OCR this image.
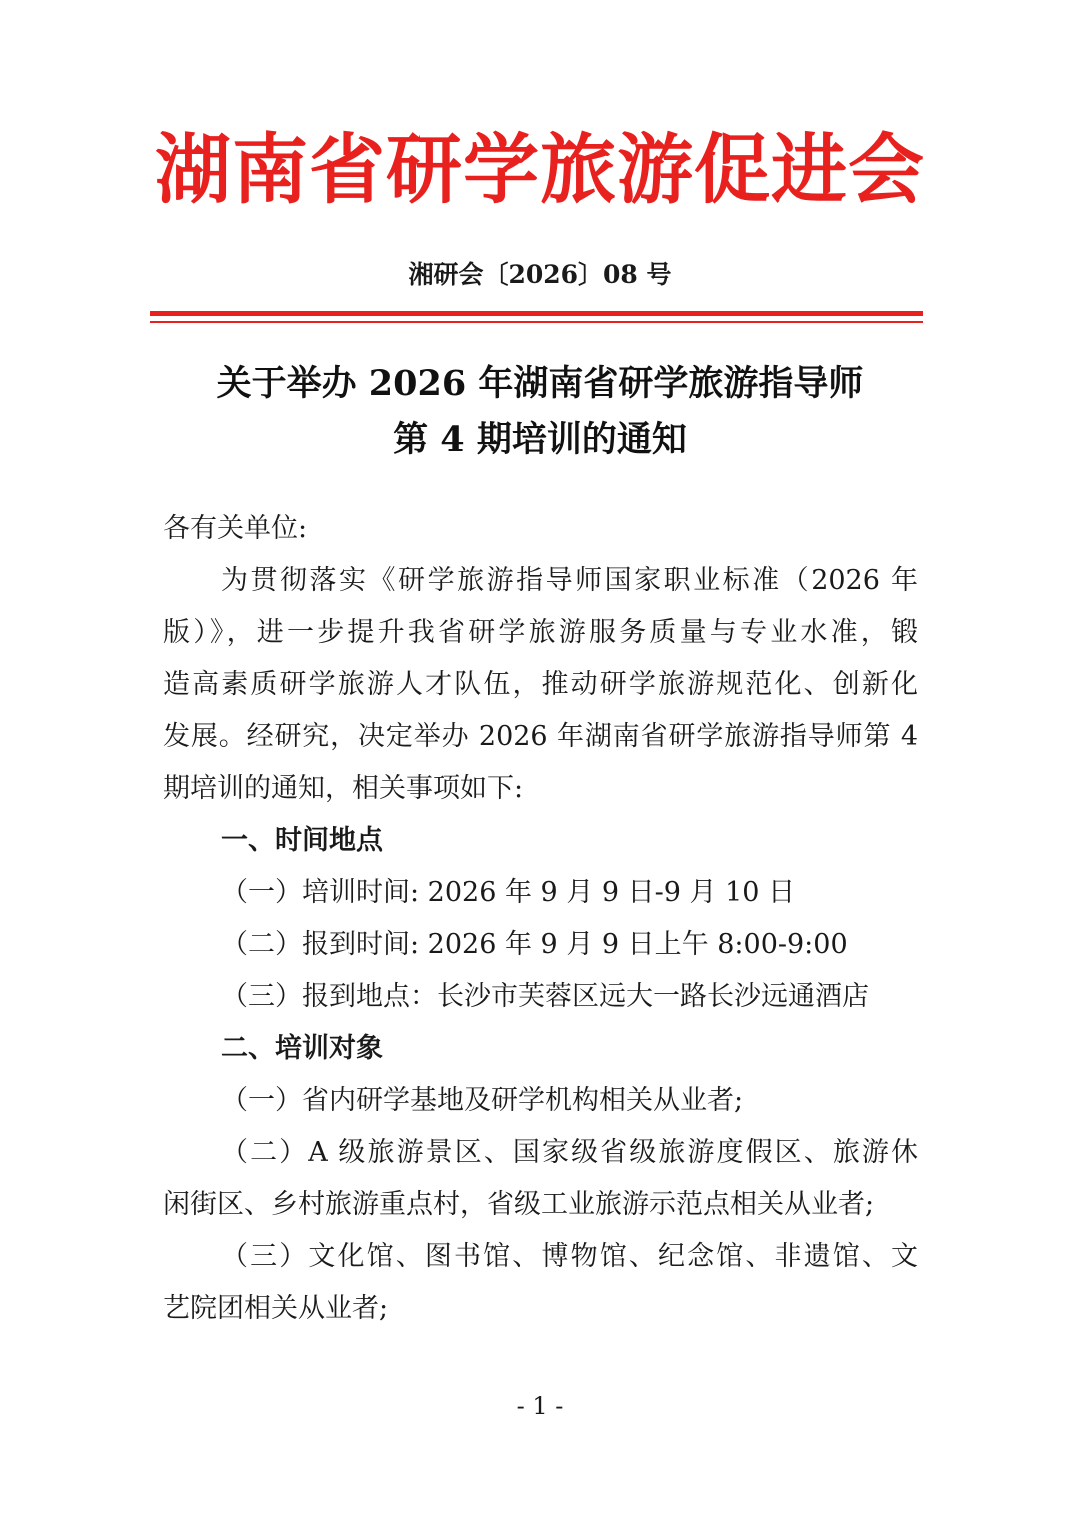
湖南省研学旅游促进会
湘研会〔2026〕08 号
关于举办 2026 年湖南省研学旅游指导师
第 4 期培训的通知
各有关单位:
为贯彻落实《研学旅游指导师国家职业标准（2026 年
版）》，进一步提升我省研学旅游服务质量与专业水准，锻
造高素质研学旅游人才队伍，推动研学旅游规范化、创新化
发展。经研究，决定举办 2026 年湖南省研学旅游指导师第 4
期培训的通知，相关事项如下:
一、时间地点
（一）培训时间: 2026 年 9 月 9 日-9 月 10 日
（二）报到时间: 2026 年 9 月 9 日上午 8:00-9:00
（三）报到地点：长沙市芙蓉区远大一路长沙远通酒店
二、培训对象
（一）省内研学基地及研学机构相关从业者;
（二）A 级旅游景区、国家级省级旅游度假区、旅游休
闲街区、乡村旅游重点村，省级工业旅游示范点相关从业者;
（三）文化馆、图书馆、博物馆、纪念馆、非遗馆、文
艺院团相关从业者;
- 1 -
